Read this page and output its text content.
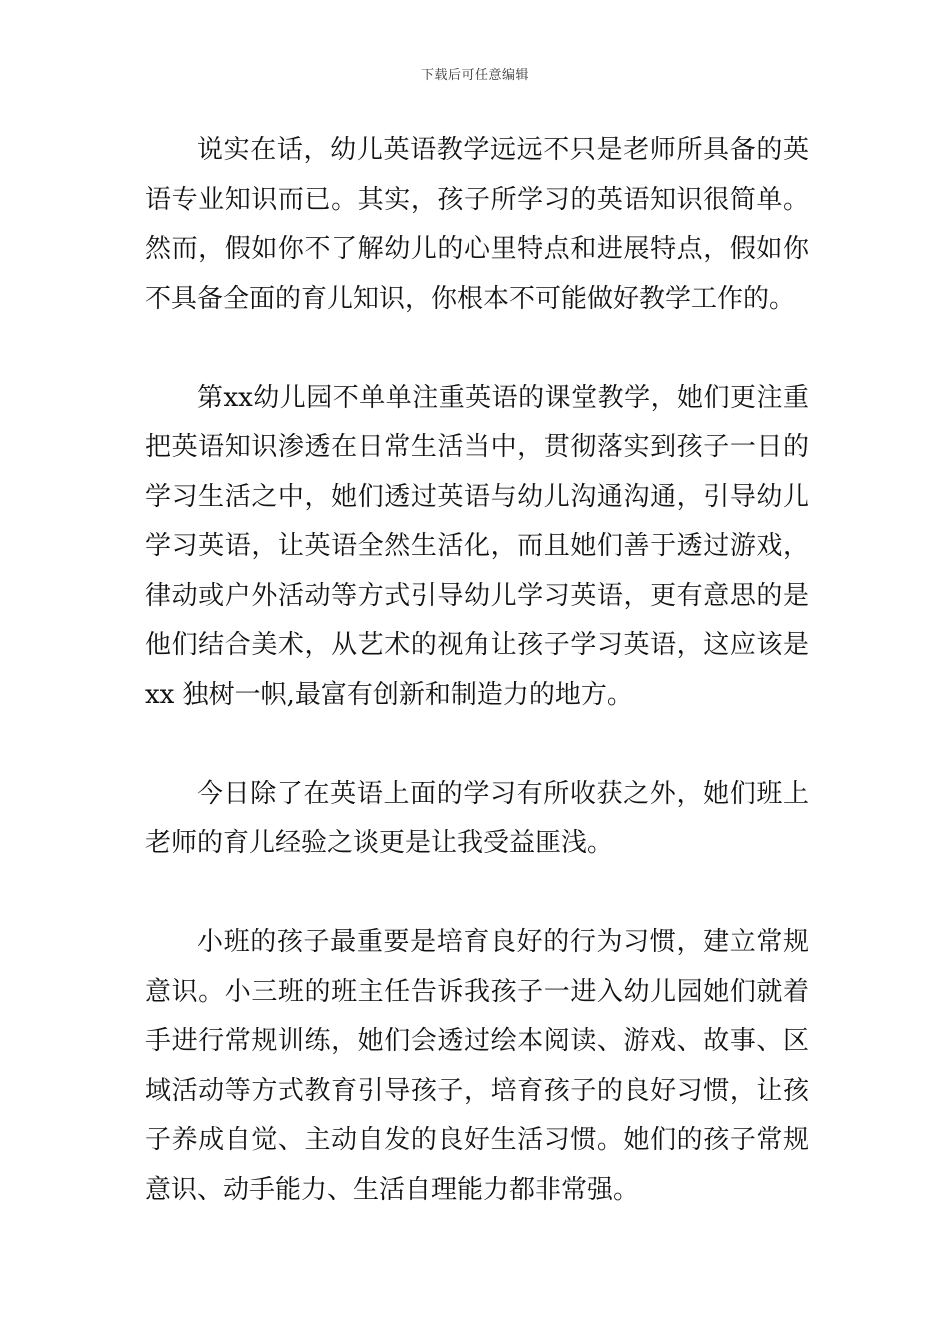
下载后可任意编辑

说实在话，幼儿英语教学远远不只是老师所具备的英语专业知识而已。其实，孩子所学习的英语知识很简单。然而，假如你不了解幼儿的心里特点和进展特点，假如你不具备全面的育儿知识，你根本不可能做好教学工作的。

第xx幼儿园不单单注重英语的课堂教学，她们更注重把英语知识渗透在日常生活当中，贯彻落实到孩子一日的学习生活之中，她们透过英语与幼儿沟通沟通，引导幼儿学习英语，让英语全然生活化，而且她们善于透过游戏，律动或户外活动等方式引导幼儿学习英语，更有意思的是他们结合美术，从艺术的视角让孩子学习英语，这应该是xx 独树一帜,最富有创新和制造力的地方。

今日除了在英语上面的学习有所收获之外，她们班上老师的育儿经验之谈更是让我受益匪浅。

小班的孩子最重要是培育良好的行为习惯，建立常规意识。小三班的班主任告诉我孩子一进入幼儿园她们就着手进行常规训练，她们会透过绘本阅读、游戏、故事、区域活动等方式教育引导孩子，培育孩子的良好习惯，让孩子养成自觉、主动自发的良好生活习惯。她们的孩子常规意识、动手能力、生活自理能力都非常强。
